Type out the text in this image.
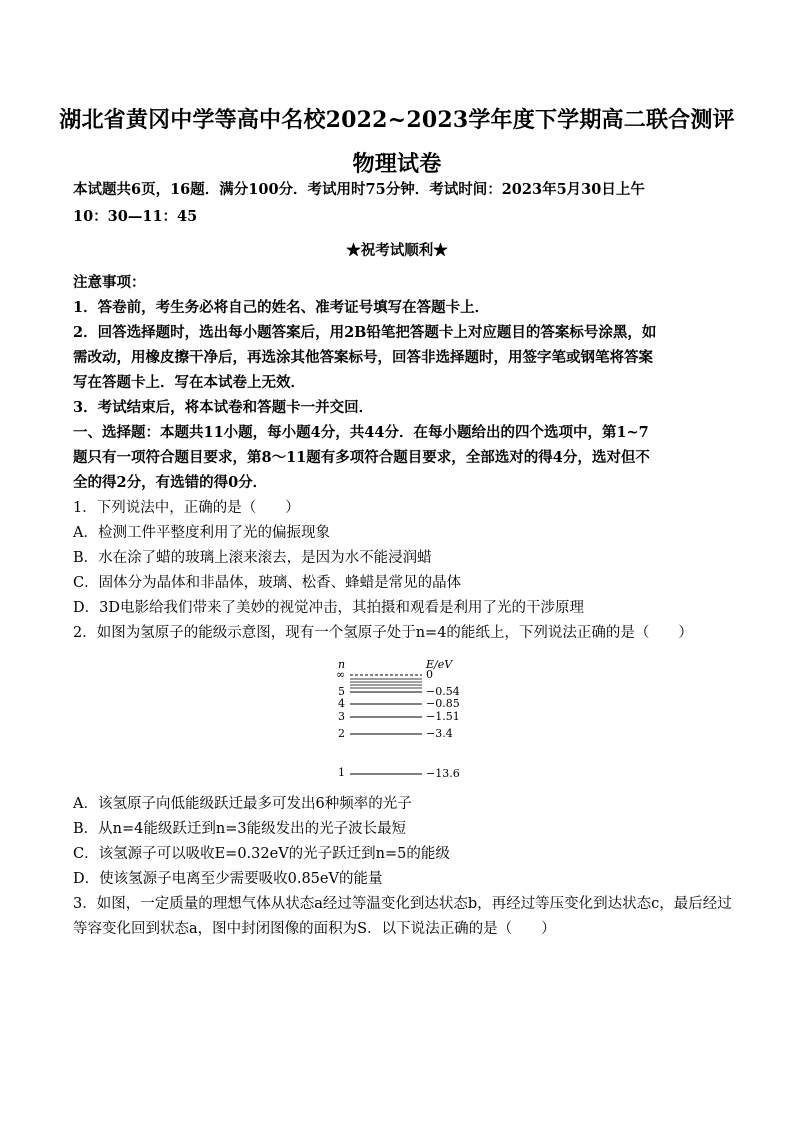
湖北省黄冈中学等高中名校2022~2023学年度下学期高二联合测评
物理试卷
本试题共6页，16题．满分100分．考试用时75分钟．考试时间：2023年5月30日上午
10：30—11：45
★祝考试顺利★
注意事项：
1．答卷前，考生务必将自己的姓名、准考证号填写在答题卡上．
2．回答选择题时，选出每小题答案后，用2B铅笔把答题卡上对应题目的答案标号涂黑，如
需改动，用橡皮擦干净后，再选涂其他答案标号，回答非选择题时，用签字笔或钢笔将答案
写在答题卡上．写在本试卷上无效．
3．考试结束后，将本试卷和答题卡一并交回．
一、选择题：本题共11小题，每小题4分，共44分．在每小题给出的四个选项中，第1~7
题只有一项符合题目要求，第8～11题有多项符合题目要求，全部选对的得4分，选对但不
全的得2分，有选错的得0分．
1．下列说法中，正确的是（　　）
A．检测工件平整度利用了光的偏振现象
B．水在涂了蜡的玻璃上滚来滚去，是因为水不能浸润蜡
C．固体分为晶体和非晶体，玻璃、松香、蜂蜡是常见的晶体
D．3D电影给我们带来了美妙的视觉冲击，其拍摄和观看是利用了光的干涉原理
2．如图为氢原子的能级示意图，现有一个氢原子处于n=4的能纸上，下列说法正确的是（　　）
n	E/eV
∞	0
5	−0.54
4	−0.85
3	−1.51
2	−3.4
1	−13.6
A．该氢原子向低能级跃迁最多可发出6种频率的光子
B．从n=4能级跃迁到n=3能级发出的光子波长最短
C．该氢源子可以吸收E=0.32eV的光子跃迁到n=5的能级
D．使该氢源子电离至少需要吸收0.85eV的能量
3．如图，一定质量的理想气体从状态a经过等温变化到达状态b，再经过等压变化到达状态c，最后经过
等容变化回到状态a，图中封闭图像的面积为S．以下说法正确的是（　　）
